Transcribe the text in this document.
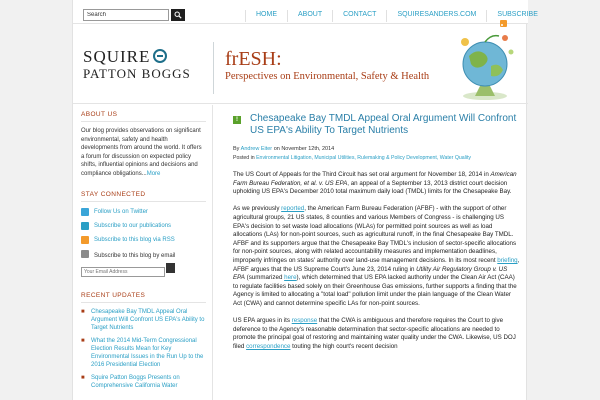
Search
HOME	ABOUT	CONTACT	SQUIRESANDERS.COM	SUBSCRIBE
SQUIRE
PATTON BOGGS
frESH:
Perspectives on Environmental, Safety & Health
ABOUT US
Our blog provides observations on significant environmental, safety and health developments from around the world. It offers a forum for discussion on expected policy shifts, influential opinions and decisions and compliance obligations...More
STAY CONNECTED
Follow Us on Twitter
Subscribe to our publications
Subscribe to this blog via RSS
Subscribe to this blog by email
Your Email Address
RECENT UPDATES
■	Chesapeake Bay TMDL Appeal Oral Argument Will Confront US EPA's Ability to Target Nutrients
■	What the 2014 Mid-Term Congressional Election Results Mean for Key Environmental Issues in the Run Up to the 2016 Presidential Election
■	Squire Patton Boggs Presents on Comprehensive California Water
!	Chesapeake Bay TMDL Appeal Oral Argument Will Confront US EPA's Ability To Target Nutrients
By Andrew Eiter on November 12th, 2014
Posted in Environmental Litigation, Municipal Utilities, Rulemaking & Policy Development, Water Quality

The US Court of Appeals for the Third Circuit has set oral argument for November 18, 2014 in American Farm Bureau Federation, et al. v. US EPA, an appeal of a September 13, 2013 district court decision upholding US EPA's December 2010 total maximum daily load (TMDL) limits for the Chesapeake Bay.

As we previously reported, the American Farm Bureau Federation (AFBF) - with the support of other agricultural groups, 21 US states, 8 counties and various Members of Congress - is challenging US EPA's decision to set waste load allocations (WLAs) for permitted point sources as well as load allocations (LAs) for non-point sources, such as agricultural runoff, in the final Chesapeake Bay TMDL. AFBF and its supporters argue that the Chesapeake Bay TMDL's inclusion of sector-specific allocations for non-point sources, along with related accountability measures and implementation deadlines, improperly infringes on states' authority over land-use management decisions. In its most recent briefing, AFBF argues that the US Supreme Court's June 23, 2014 ruling in Utility Air Regulatory Group v. US EPA (summarized here), which determined that US EPA lacked authority under the Clean Air Act (CAA) to regulate facilities based solely on their Greenhouse Gas emissions, further supports a finding that the Agency is limited to allocating a "total load" pollution limit under the plain language of the Clean Water Act (CWA) and cannot determine specific LAs for non-point sources.

US EPA argues in its response that the CWA is ambiguous and therefore requires the Court to give deference to the Agency's reasonable determination that sector-specific allocations are needed to promote the principal goal of restoring and maintaining water quality under the CWA. Likewise, US DOJ filed correspondence touting the high court's recent decision
